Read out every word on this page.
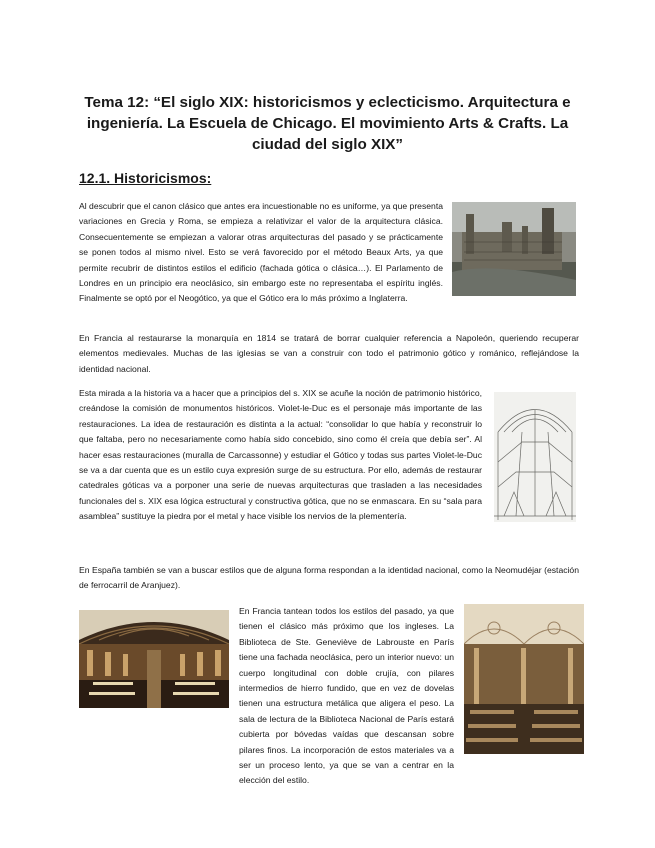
Tema 12: “El siglo XIX: historicismos y eclecticismo. Arquitectura e ingeniería. La Escuela de Chicago. El movimiento Arts & Crafts. La ciudad del siglo XIX”
12.1. Historicismos:

Al descubrir que el canon clásico que antes era incuestionable no es uniforme, ya que presenta variaciones en Grecia y Roma, se empieza a relativizar el valor de la arquitectura clásica. Consecuentemente se empiezan a valorar otras arquitecturas del pasado y se prácticamente se ponen todos al mismo nivel. Esto se verá favorecido por el método Beaux Arts, ya que permite recubrir de distintos estilos el edificio (fachada gótica o clásica…). El Parlamento de Londres en un principio era neoclásico, sin embargo este no representaba el espíritu inglés. Finalmente se optó por el Neogótico, ya que el Gótico era lo más próximo a Inglaterra.

En Francia al restaurarse la monarquía en 1814 se tratará de borrar cualquier referencia a Napoleón, queriendo recuperar elementos medievales. Muchas de las iglesias se van a construir con todo el patrimonio gótico y románico, reflejándose la identidad nacional.

Esta mirada a la historia va a hacer que a principios del s. XIX se acuñe la noción de patrimonio histórico, creándose la comisión de monumentos históricos. Violet-le-Duc es el personaje más importante de las restauraciones. La idea de restauración es distinta a la actual: “consolidar lo que había y reconstruir lo que faltaba, pero no necesariamente como había sido concebido, sino como él creía que debía ser”. Al hacer esas restauraciones (muralla de Carcassonne) y estudiar el Gótico y todas sus partes Violet-le-Duc se va a dar cuenta que es un estilo cuya expresión surge de su estructura. Por ello, además de restaurar catedrales góticas va a porponer una serie de nuevas arquitecturas que trasladen a las necesidades funcionales del s. XIX esa lógica estructural y constructiva gótica, que no se enmascara. En su “sala para asamblea” sustituye la piedra por el metal y hace visible los nervios de la plementería.

En España también se van a buscar estilos que de alguna forma respondan a la identidad nacional, como la Neomudéjar (estación de ferrocarril de Aranjuez).

En Francia tantean todos los estilos del pasado, ya que tienen el clásico más próximo que los ingleses. La Biblioteca de Ste. Geneviève de Labrouste en París tiene una fachada neoclásica, pero un interior nuevo: un cuerpo longitudinal con doble crujía, con pilares intermedios de hierro fundido, que en vez de dovelas tienen una estructura metálica que aligera el peso. La sala de lectura de la Biblioteca Nacional de París estará cubierta por bóvedas vaídas que descansan sobre pilares finos. La incorporación de estos materiales va a ser un proceso lento, ya que se van a centrar en la elección del estilo.
